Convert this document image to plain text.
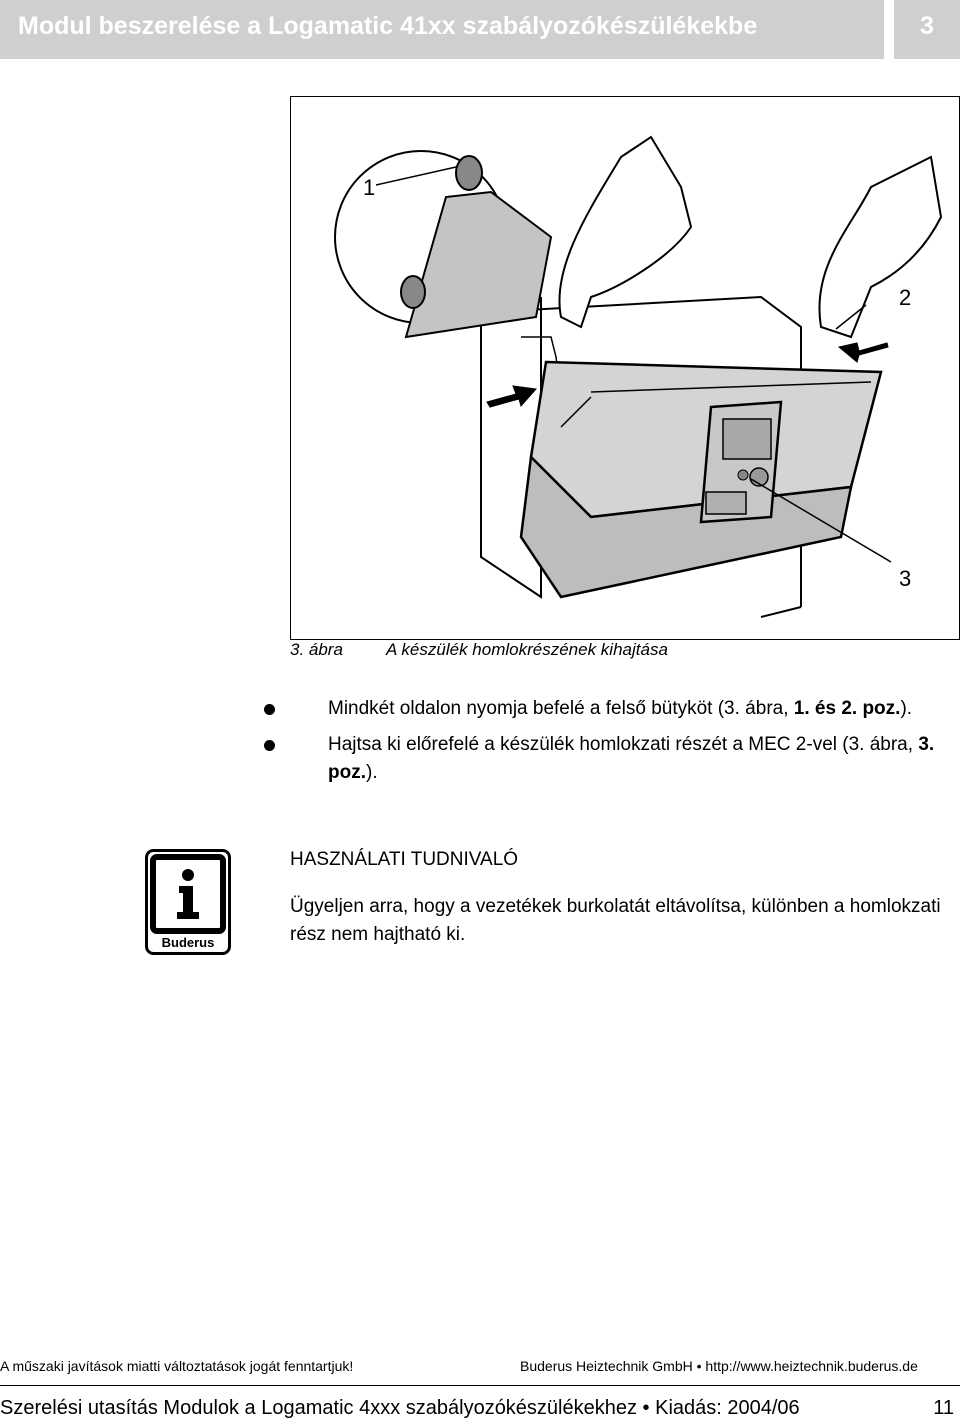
Modul beszerelése a Logamatic 41xx szabályozókészülékekbe	3
1
2
3
3. ábra	A készülék homlokrészének kihajtása
Mindkét oldalon nyomja befelé a felső bütyköt (3. ábra, 1. és 2. poz.).
Hajtsa ki előrefelé a készülék homlokzati részét a MEC 2-vel (3. ábra, 3. poz.).
Buderus
HASZNÁLATI TUDNIVALÓ
Ügyeljen arra, hogy a vezetékek burkolatát eltávolítsa, különben a homlokzati rész nem hajtható ki.
A műszaki javítások miatti változtatások jogát fenntartjuk!	Buderus Heiztechnik GmbH • http://www.heiztechnik.buderus.de
Szerelési utasítás Modulok a Logamatic 4xxx szabályozókészülékekhez • Kiadás: 2004/06	11
